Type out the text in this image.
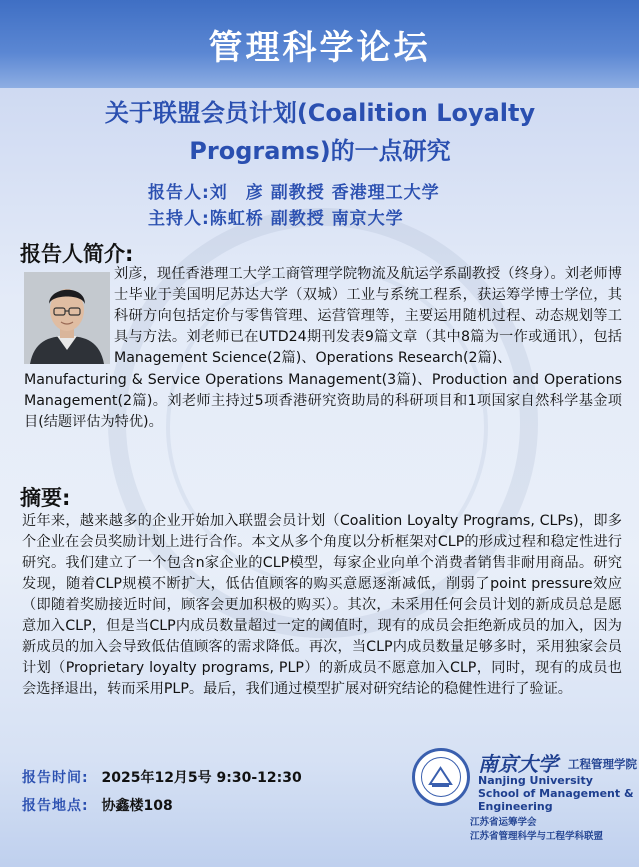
管理科学论坛
关于联盟会员计划(Coalition Loyalty
Programs)的一点研究
报告人:刘　彦 副教授 香港理工大学
主持人:陈虹桥 副教授 南京大学
报告人简介:
刘彦，现任香港理工大学工商管理学院物流及航运学系副教授（终身）。刘老师博士毕业于美国明尼苏达大学（双城）工业与系统工程系，获运筹学博士学位，其科研方向包括定价与零售管理、运营管理等，主要运用随机过程、动态规划等工具与方法。刘老师已在UTD24期刊发表9篇文章（其中8篇为一作或通讯），包括Management Science(2篇)、Operations Research(2篇)、
Manufacturing & Service Operations Management(3篇)、Production and Operations Management(2篇)。刘老师主持过5项香港研究资助局的科研项目和1项国家自然科学基金项目(结题评估为特优)。
摘要:
近年来，越来越多的企业开始加入联盟会员计划（Coalition Loyalty Programs, CLPs)，即多个企业在会员奖励计划上进行合作。本文从多个角度以分析框架对CLP的形成过程和稳定性进行研究。我们建立了一个包含n家企业的CLP模型，每家企业向单个消费者销售非耐用商品。研究发现，随着CLP规模不断扩大，低估值顾客的购买意愿逐渐减低，削弱了point pressure效应（即随着奖励接近时间，顾客会更加积极的购买）。其次，未采用任何会员计划的新成员总是愿意加入CLP，但是当CLP内成员数量超过一定的阈值时，现有的成员会拒绝新成员的加入，因为新成员的加入会导致低估值顾客的需求降低。再次，当CLP内成员数量足够多时，采用独家会员计划（Proprietary loyalty programs, PLP）的新成员不愿意加入CLP，同时，现有的成员也会选择退出，转而采用PLP。最后，我们通过模型扩展对研究结论的稳健性进行了验证。
报告时间: 2025年12月5号 9:30-12:30
报告地点: 协鑫楼108
南京大学 工程管理学院
Nanjing University
School of Management & Engineering
江苏省运筹学会
江苏省管理科学与工程学科联盟
